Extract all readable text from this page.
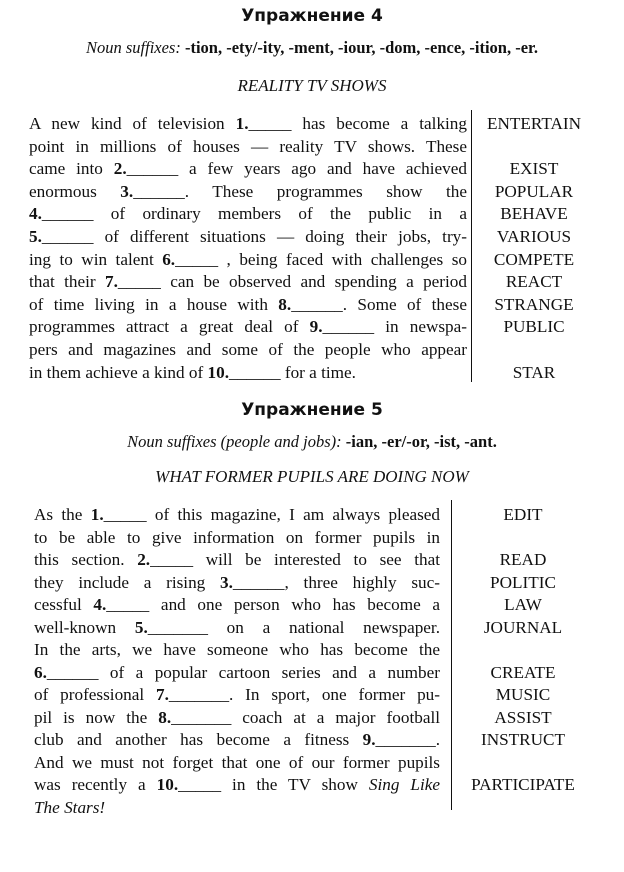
Упражнение 4
Noun suffixes: -tion, -ety/-ity, -ment, -iour, -dom, -ence, -ition, -er.
REALITY TV SHOWS
A new kind of television 1._____ has become a talking
point in millions of houses — reality TV shows. These
came into 2.______ a few years ago and have achieved
enormous 3.______. These programmes show the
4.______ of ordinary members of the public in a
5.______ of different situations — doing their jobs, try-
ing to win talent 6._____ , being faced with challenges so
that their 7._____ can be observed and spending a period
of time living in a house with 8.______. Some of these
programmes attract a great deal of 9.______ in newspa-
pers and magazines and some of the people who appear
in them achieve a kind of 10.______ for a time.
ENTERTAIN
EXIST
POPULAR
BEHAVE
VARIOUS
COMPETE
REACT
STRANGE
PUBLIC
STAR
Упражнение 5
Noun suffixes (people and jobs): -ian, -er/-or, -ist, -ant.
WHAT FORMER PUPILS ARE DOING NOW
As the 1._____ of this magazine, I am always pleased
to be able to give information on former pupils in
this section. 2._____ will be interested to see that
they include a rising 3.______, three highly suc-
cessful 4._____ and one person who has become a
well-known 5._______ on a national newspaper.
In the arts, we have someone who has become the
6.______ of a popular cartoon series and a number
of professional 7._______. In sport, one former pu-
pil is now the 8._______ coach at a major football
club and another has become a fitness 9._______.
And we must not forget that one of our former pupils
was recently a 10._____ in the TV show Sing Like
The Stars!
EDIT
READ
POLITIC
LAW
JOURNAL
CREATE
MUSIC
ASSIST
INSTRUCT
PARTICIPATE
